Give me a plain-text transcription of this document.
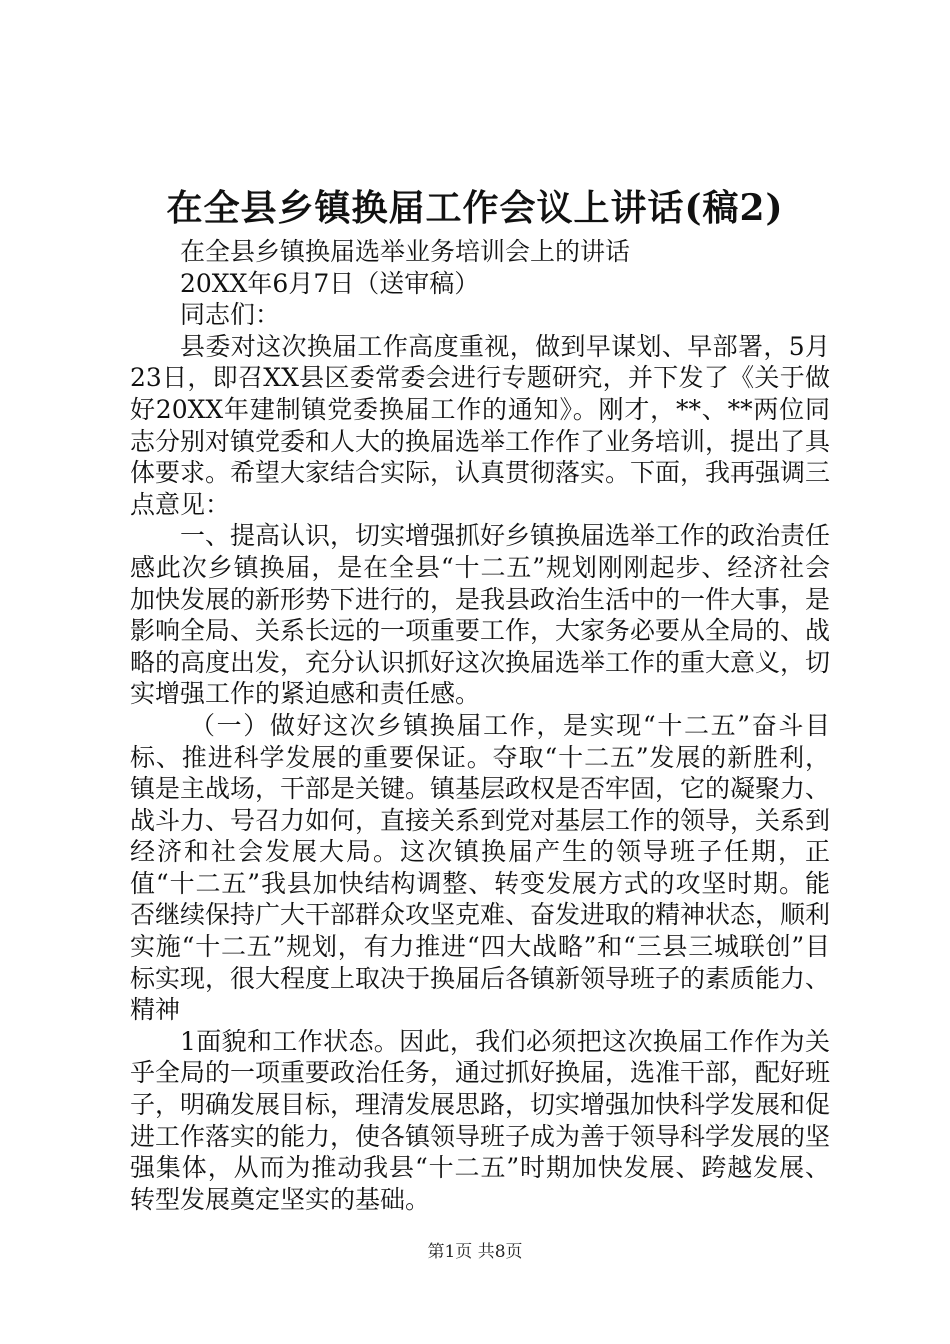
在全县乡镇换届工作会议上讲话(稿2)

在全县乡镇换届选举业务培训会上的讲话

20XX年6月7日（送审稿）

同志们：

县委对这次换届工作高度重视，做到早谋划、早部署，5月23日，即召XX县区委常委会进行专题研究，并下发了《关于做好20XX年建制镇党委换届工作的通知》。刚才，**、**两位同志分别对镇党委和人大的换届选举工作作了业务培训，提出了具体要求。希望大家结合实际，认真贯彻落实。下面，我再强调三点意见：

一、提高认识，切实增强抓好乡镇换届选举工作的政治责任感此次乡镇换届，是在全县“十二五”规划刚刚起步、经济社会加快发展的新形势下进行的，是我县政治生活中的一件大事，是影响全局、关系长远的一项重要工作，大家务必要从全局的、战略的高度出发，充分认识抓好这次换届选举工作的重大意义，切实增强工作的紧迫感和责任感。

（一）做好这次乡镇换届工作，是实现“十二五”奋斗目标、推进科学发展的重要保证。夺取“十二五”发展的新胜利，镇是主战场，干部是关键。镇基层政权是否牢固，它的凝聚力、战斗力、号召力如何，直接关系到党对基层工作的领导，关系到经济和社会发展大局。这次镇换届产生的领导班子任期，正值“十二五”我县加快结构调整、转变发展方式的攻坚时期。能否继续保持广大干部群众攻坚克难、奋发进取的精神状态，顺利实施“十二五”规划，有力推进“四大战略”和“三县三城联创”目标实现，很大程度上取决于换届后各镇新领导班子的素质能力、精神

1面貌和工作状态。因此，我们必须把这次换届工作作为关乎全局的一项重要政治任务，通过抓好换届，选准干部，配好班子，明确发展目标，理清发展思路，切实增强加快科学发展和促进工作落实的能力，使各镇领导班子成为善于领导科学发展的坚强集体，从而为推动我县“十二五”时期加快发展、跨越发展、转型发展奠定坚实的基础。

第1页 共8页
